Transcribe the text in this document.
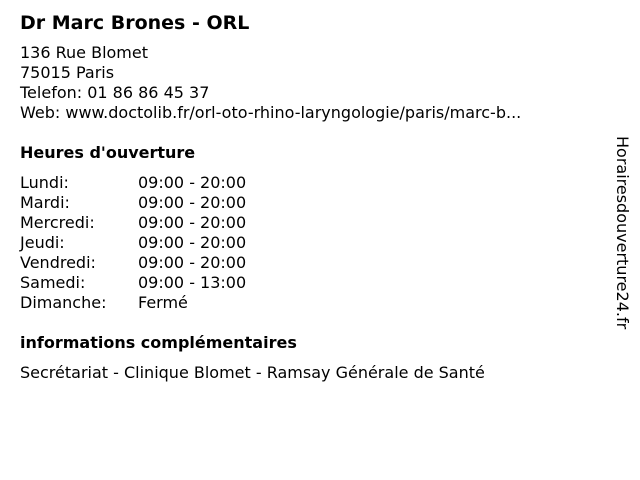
Dr Marc Brones - ORL
136 Rue Blomet
75015 Paris
Telefon: 01 86 86 45 37
Web: www.doctolib.fr/orl-oto-rhino-laryngologie/paris/marc-b...
Heures d'ouverture
Lundi:	09:00 - 20:00
Mardi:	09:00 - 20:00
Mercredi:	09:00 - 20:00
Jeudi:	09:00 - 20:00
Vendredi:	09:00 - 20:00
Samedi:	09:00 - 13:00
Dimanche:	Fermé
informations complémentaires
Secrétariat - Clinique Blomet - Ramsay Générale de Santé
Horairesdouverture24.fr
